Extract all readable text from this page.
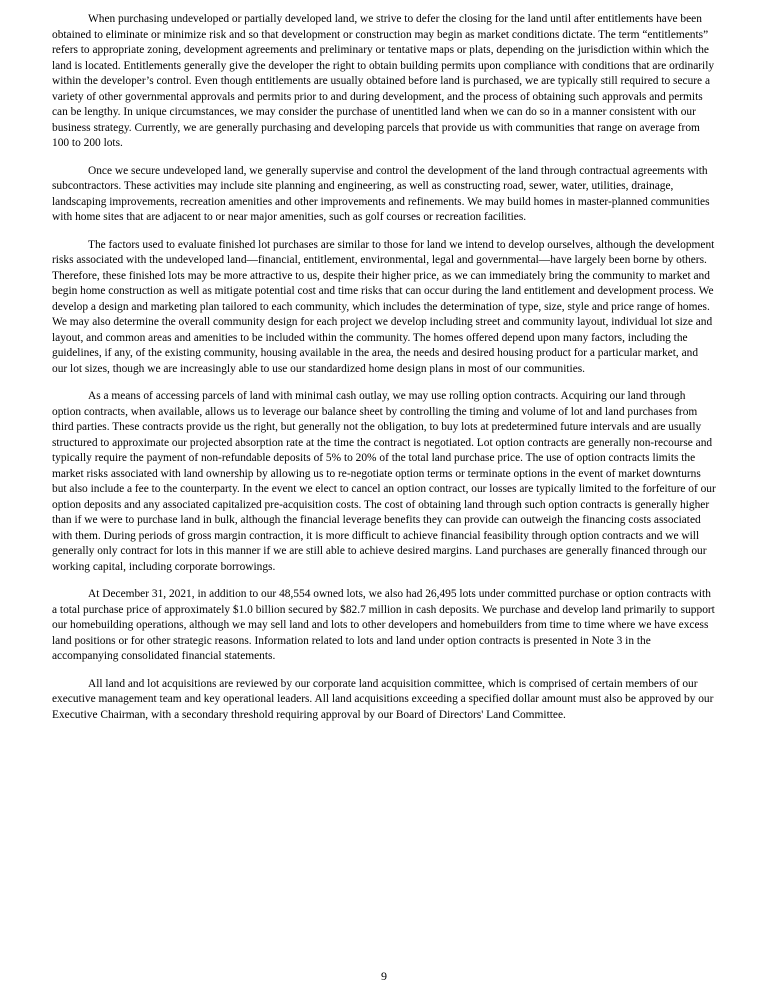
When purchasing undeveloped or partially developed land, we strive to defer the closing for the land until after entitlements have been obtained to eliminate or minimize risk and so that development or construction may begin as market conditions dictate. The term “entitlements” refers to appropriate zoning, development agreements and preliminary or tentative maps or plats, depending on the jurisdiction within which the land is located. Entitlements generally give the developer the right to obtain building permits upon compliance with conditions that are ordinarily within the developer’s control. Even though entitlements are usually obtained before land is purchased, we are typically still required to secure a variety of other governmental approvals and permits prior to and during development, and the process of obtaining such approvals and permits can be lengthy. In unique circumstances, we may consider the purchase of unentitled land when we can do so in a manner consistent with our business strategy. Currently, we are generally purchasing and developing parcels that provide us with communities that range on average from 100 to 200 lots.

Once we secure undeveloped land, we generally supervise and control the development of the land through contractual agreements with subcontractors. These activities may include site planning and engineering, as well as constructing road, sewer, water, utilities, drainage, landscaping improvements, recreation amenities and other improvements and refinements. We may build homes in master-planned communities with home sites that are adjacent to or near major amenities, such as golf courses or recreation facilities.

The factors used to evaluate finished lot purchases are similar to those for land we intend to develop ourselves, although the development risks associated with the undeveloped land—financial, entitlement, environmental, legal and governmental—have largely been borne by others. Therefore, these finished lots may be more attractive to us, despite their higher price, as we can immediately bring the community to market and begin home construction as well as mitigate potential cost and time risks that can occur during the land entitlement and development process. We develop a design and marketing plan tailored to each community, which includes the determination of type, size, style and price range of homes. We may also determine the overall community design for each project we develop including street and community layout, individual lot size and layout, and common areas and amenities to be included within the community. The homes offered depend upon many factors, including the guidelines, if any, of the existing community, housing available in the area, the needs and desired housing product for a particular market, and our lot sizes, though we are increasingly able to use our standardized home design plans in most of our communities.

As a means of accessing parcels of land with minimal cash outlay, we may use rolling option contracts. Acquiring our land through option contracts, when available, allows us to leverage our balance sheet by controlling the timing and volume of lot and land purchases from third parties. These contracts provide us the right, but generally not the obligation, to buy lots at predetermined future intervals and are usually structured to approximate our projected absorption rate at the time the contract is negotiated. Lot option contracts are generally non-recourse and typically require the payment of non-refundable deposits of 5% to 20% of the total land purchase price. The use of option contracts limits the market risks associated with land ownership by allowing us to re-negotiate option terms or terminate options in the event of market downturns but also include a fee to the counterparty. In the event we elect to cancel an option contract, our losses are typically limited to the forfeiture of our option deposits and any associated capitalized pre-acquisition costs. The cost of obtaining land through such option contracts is generally higher than if we were to purchase land in bulk, although the financial leverage benefits they can provide can outweigh the financing costs associated with them. During periods of gross margin contraction, it is more difficult to achieve financial feasibility through option contracts and we will generally only contract for lots in this manner if we are still able to achieve desired margins. Land purchases are generally financed through our working capital, including corporate borrowings.

At December 31, 2021, in addition to our 48,554 owned lots, we also had 26,495 lots under committed purchase or option contracts with a total purchase price of approximately $1.0 billion secured by $82.7 million in cash deposits. We purchase and develop land primarily to support our homebuilding operations, although we may sell land and lots to other developers and homebuilders from time to time where we have excess land positions or for other strategic reasons. Information related to lots and land under option contracts is presented in Note 3 in the accompanying consolidated financial statements.

All land and lot acquisitions are reviewed by our corporate land acquisition committee, which is comprised of certain members of our executive management team and key operational leaders. All land acquisitions exceeding a specified dollar amount must also be approved by our Executive Chairman, with a secondary threshold requiring approval by our Board of Directors' Land Committee.

9
